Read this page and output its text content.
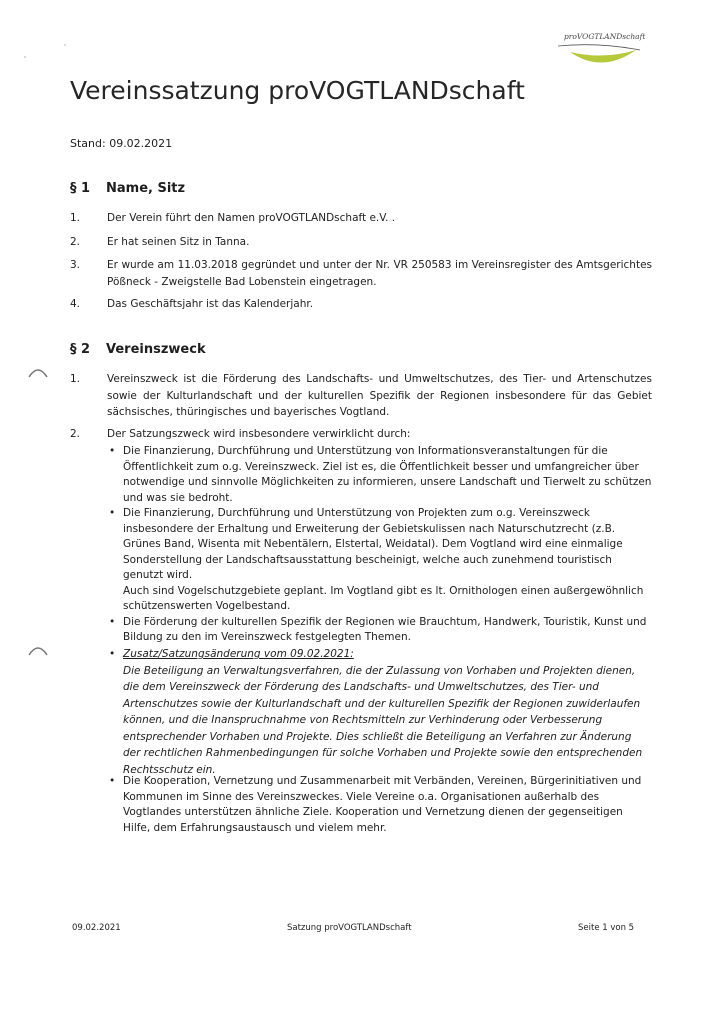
proVOGTLANDschaft
Vereinssatzung proVOGTLANDschaft
Stand: 09.02.2021
§ 1 Name, Sitz
1.	Der Verein führt den Namen proVOGTLANDschaft e.V. .
2.	Er hat seinen Sitz in Tanna.
3.	Er wurde am 11.03.2018 gegründet und unter der Nr. VR 250583 im Vereinsregister des Amtsgerichtes Pößneck - Zweigstelle Bad Lobenstein eingetragen.
4.	Das Geschäftsjahr ist das Kalenderjahr.
§ 2 Vereinszweck
1.	Vereinszweck ist die Förderung des Landschafts- und Umweltschutzes, des Tier- und Artenschutzes sowie der Kulturlandschaft und der kulturellen Spezifik der Regionen insbesondere für das Gebiet sächsisches, thüringisches und bayerisches Vogtland.
2.	Der Satzungszweck wird insbesondere verwirklicht durch:
• Die Finanzierung, Durchführung und Unterstützung von Informationsveranstaltungen für die Öffentlichkeit zum o.g. Vereinszweck. Ziel ist es, die Öffentlichkeit besser und umfangreicher über notwendige und sinnvolle Möglichkeiten zu informieren, unsere Landschaft und Tierwelt zu schützen und was sie bedroht.
• Die Finanzierung, Durchführung und Unterstützung von Projekten zum o.g. Vereinszweck insbesondere der Erhaltung und Erweiterung der Gebietskulissen nach Naturschutzrecht (z.B. Grünes Band, Wisenta mit Nebentälern, Elstertal, Weidatal). Dem Vogtland wird eine einmalige Sonderstellung der Landschaftsausstattung bescheinigt, welche auch zunehmend touristisch genutzt wird.
Auch sind Vogelschutzgebiete geplant. Im Vogtland gibt es lt. Ornithologen einen außergewöhnlich schützenswerten Vogelbestand.
• Die Förderung der kulturellen Spezifik der Regionen wie Brauchtum, Handwerk, Touristik, Kunst und Bildung zu den im Vereinszweck festgelegten Themen.
• Zusatz/Satzungsänderung vom 09.02.2021:
Die Beteiligung an Verwaltungsverfahren, die der Zulassung von Vorhaben und Projekten dienen, die dem Vereinszweck der Förderung des Landschafts- und Umweltschutzes, des Tier- und Artenschutzes sowie der Kulturlandschaft und der kulturellen Spezifik der Regionen zuwiderlaufen können, und die Inanspruchnahme von Rechtsmitteln zur Verhinderung oder Verbesserung entsprechender Vorhaben und Projekte. Dies schließt die Beteiligung an Verfahren zur Änderung der rechtlichen Rahmenbedingungen für solche Vorhaben und Projekte sowie den entsprechenden Rechtsschutz ein.
• Die Kooperation, Vernetzung und Zusammenarbeit mit Verbänden, Vereinen, Bürgerinitiativen und Kommunen im Sinne des Vereinszweckes. Viele Vereine o.a. Organisationen außerhalb des Vogtlandes unterstützen ähnliche Ziele. Kooperation und Vernetzung dienen der gegenseitigen Hilfe, dem Erfahrungsaustausch und vielem mehr.
09.02.2021	Satzung proVOGTLANDschaft	Seite 1 von 5
